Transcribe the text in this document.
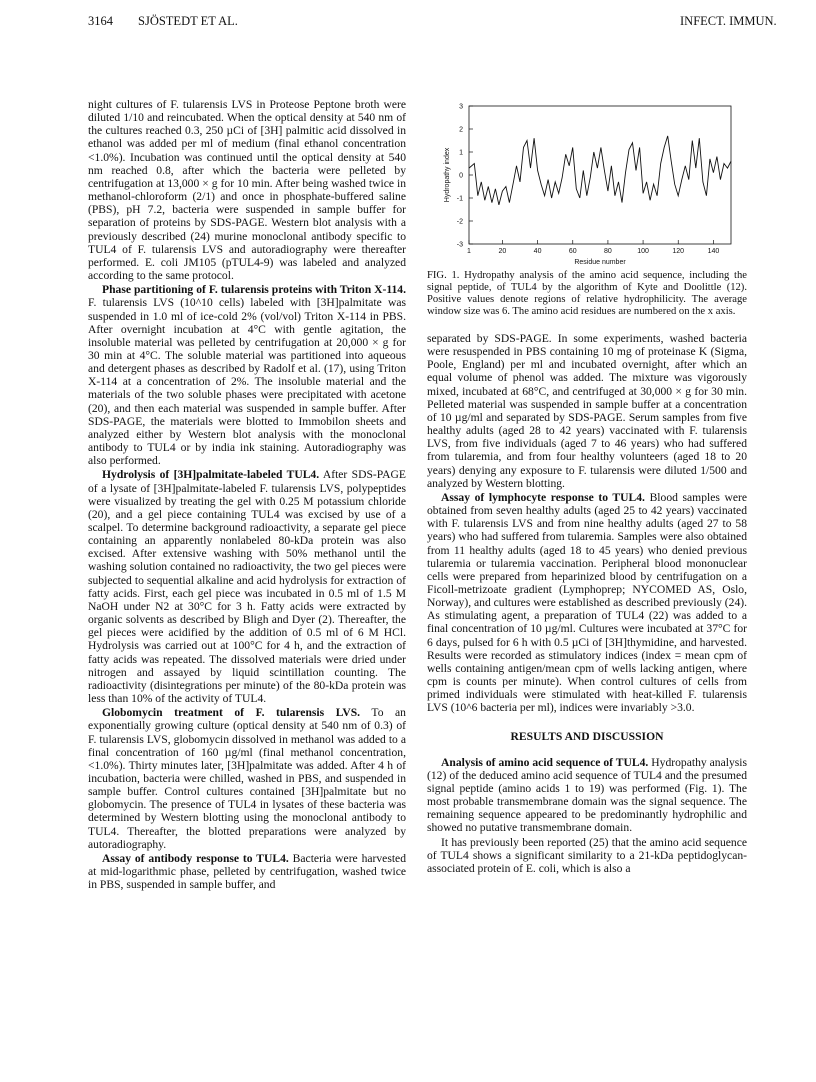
3164 SJÖSTEDT ET AL.	INFECT. IMMUN.

night cultures of F. tularensis LVS in Proteose Peptone broth were diluted 1/10 and reincubated. When the optical density at 540 nm of the cultures reached 0.3, 250 µCi of [3H] palmitic acid dissolved in ethanol was added per ml of medium (final ethanol concentration <1.0%). Incubation was continued until the optical density at 540 nm reached 0.8, after which the bacteria were pelleted by centrifugation at 13,000 × g for 10 min. After being washed twice in methanol-chloroform (2/1) and once in phosphate-buffered saline (PBS), pH 7.2, bacteria were suspended in sample buffer for separation of proteins by SDS-PAGE. Western blot analysis with a previously described (24) murine monoclonal antibody specific to TUL4 of F. tularensis LVS and autoradiography were thereafter performed. E. coli JM105 (pTUL4-9) was labeled and analyzed according to the same protocol.

Phase partitioning of F. tularensis proteins with Triton X-114. F. tularensis LVS (10^10 cells) labeled with [3H]palmitate was suspended in 1.0 ml of ice-cold 2% (vol/vol) Triton X-114 in PBS. After overnight incubation at 4°C with gentle agitation, the insoluble material was pelleted by centrifugation at 20,000 × g for 30 min at 4°C. The soluble material was partitioned into aqueous and detergent phases as described by Radolf et al. (17), using Triton X-114 at a concentration of 2%. The insoluble material and the materials of the two soluble phases were precipitated with acetone (20), and then each material was suspended in sample buffer. After SDS-PAGE, the materials were blotted to Immobilon sheets and analyzed either by Western blot analysis with the monoclonal antibody to TUL4 or by india ink staining. Autoradiography was also performed.

Hydrolysis of [3H]palmitate-labeled TUL4. After SDS-PAGE of a lysate of [3H]palmitate-labeled F. tularensis LVS, polypeptides were visualized by treating the gel with 0.25 M potassium chloride (20), and a gel piece containing TUL4 was excised by use of a scalpel. To determine background radioactivity, a separate gel piece containing an apparently nonlabeled 80-kDa protein was also excised. After extensive washing with 50% methanol until the washing solution contained no radioactivity, the two gel pieces were subjected to sequential alkaline and acid hydrolysis for extraction of fatty acids. First, each gel piece was incubated in 0.5 ml of 1.5 M NaOH under N2 at 30°C for 3 h. Fatty acids were extracted by organic solvents as described by Bligh and Dyer (2). Thereafter, the gel pieces were acidified by the addition of 0.5 ml of 6 M HCl. Hydrolysis was carried out at 100°C for 4 h, and the extraction of fatty acids was repeated. The dissolved materials were dried under nitrogen and assayed by liquid scintillation counting. The radioactivity (disintegrations per minute) of the 80-kDa protein was less than 10% of the activity of TUL4.

Globomycin treatment of F. tularensis LVS. To an exponentially growing culture (optical density at 540 nm of 0.3) of F. tularensis LVS, globomycin dissolved in methanol was added to a final concentration of 160 µg/ml (final methanol concentration, <1.0%). Thirty minutes later, [3H]palmitate was added. After 4 h of incubation, bacteria were chilled, washed in PBS, and suspended in sample buffer. Control cultures contained [3H]palmitate but no globomycin. The presence of TUL4 in lysates of these bacteria was determined by Western blotting using the monoclonal antibody to TUL4. Thereafter, the blotted preparations were analyzed by autoradiography.

Assay of antibody response to TUL4. Bacteria were harvested at mid-logarithmic phase, pelleted by centrifugation, washed twice in PBS, suspended in sample buffer, and

3
2
1
0
-1
-2
-3
1	20	40	60	80	100	120	140
Hydropathy index
Residue number
FIG. 1. Hydropathy analysis of the amino acid sequence, including the signal peptide, of TUL4 by the algorithm of Kyte and Doolittle (12). Positive values denote regions of relative hydrophilicity. The average window size was 6. The amino acid residues are numbered on the x axis.

separated by SDS-PAGE. In some experiments, washed bacteria were resuspended in PBS containing 10 mg of proteinase K (Sigma, Poole, England) per ml and incubated overnight, after which an equal volume of phenol was added. The mixture was vigorously mixed, incubated at 68°C, and centrifuged at 30,000 × g for 30 min. Pelleted material was suspended in sample buffer at a concentration of 10 µg/ml and separated by SDS-PAGE. Serum samples from five healthy adults (aged 28 to 42 years) vaccinated with F. tularensis LVS, from five individuals (aged 7 to 46 years) who had suffered from tularemia, and from four healthy volunteers (aged 18 to 20 years) denying any exposure to F. tularensis were diluted 1/500 and analyzed by Western blotting.

Assay of lymphocyte response to TUL4. Blood samples were obtained from seven healthy adults (aged 25 to 42 years) vaccinated with F. tularensis LVS and from nine healthy adults (aged 27 to 58 years) who had suffered from tularemia. Samples were also obtained from 11 healthy adults (aged 18 to 45 years) who denied previous tularemia or tularemia vaccination. Peripheral blood mononuclear cells were prepared from heparinized blood by centrifugation on a Ficoll-metrizoate gradient (Lymphoprep; NYCOMED AS, Oslo, Norway), and cultures were established as described previously (24). As stimulating agent, a preparation of TUL4 (22) was added to a final concentration of 10 µg/ml. Cultures were incubated at 37°C for 6 days, pulsed for 6 h with 0.5 µCi of [3H]thymidine, and harvested. Results were recorded as stimulatory indices (index = mean cpm of wells containing antigen/mean cpm of wells lacking antigen, where cpm is counts per minute). When control cultures of cells from primed individuals were stimulated with heat-killed F. tularensis LVS (10^6 bacteria per ml), indices were invariably >3.0.

RESULTS AND DISCUSSION

Analysis of amino acid sequence of TUL4. Hydropathy analysis (12) of the deduced amino acid sequence of TUL4 and the presumed signal peptide (amino acids 1 to 19) was performed (Fig. 1). The most probable transmembrane domain was the signal sequence. The remaining sequence appeared to be predominantly hydrophilic and showed no putative transmembrane domain.

It has previously been reported (25) that the amino acid sequence of TUL4 shows a significant similarity to a 21-kDa peptidoglycan-associated protein of E. coli, which is also a
